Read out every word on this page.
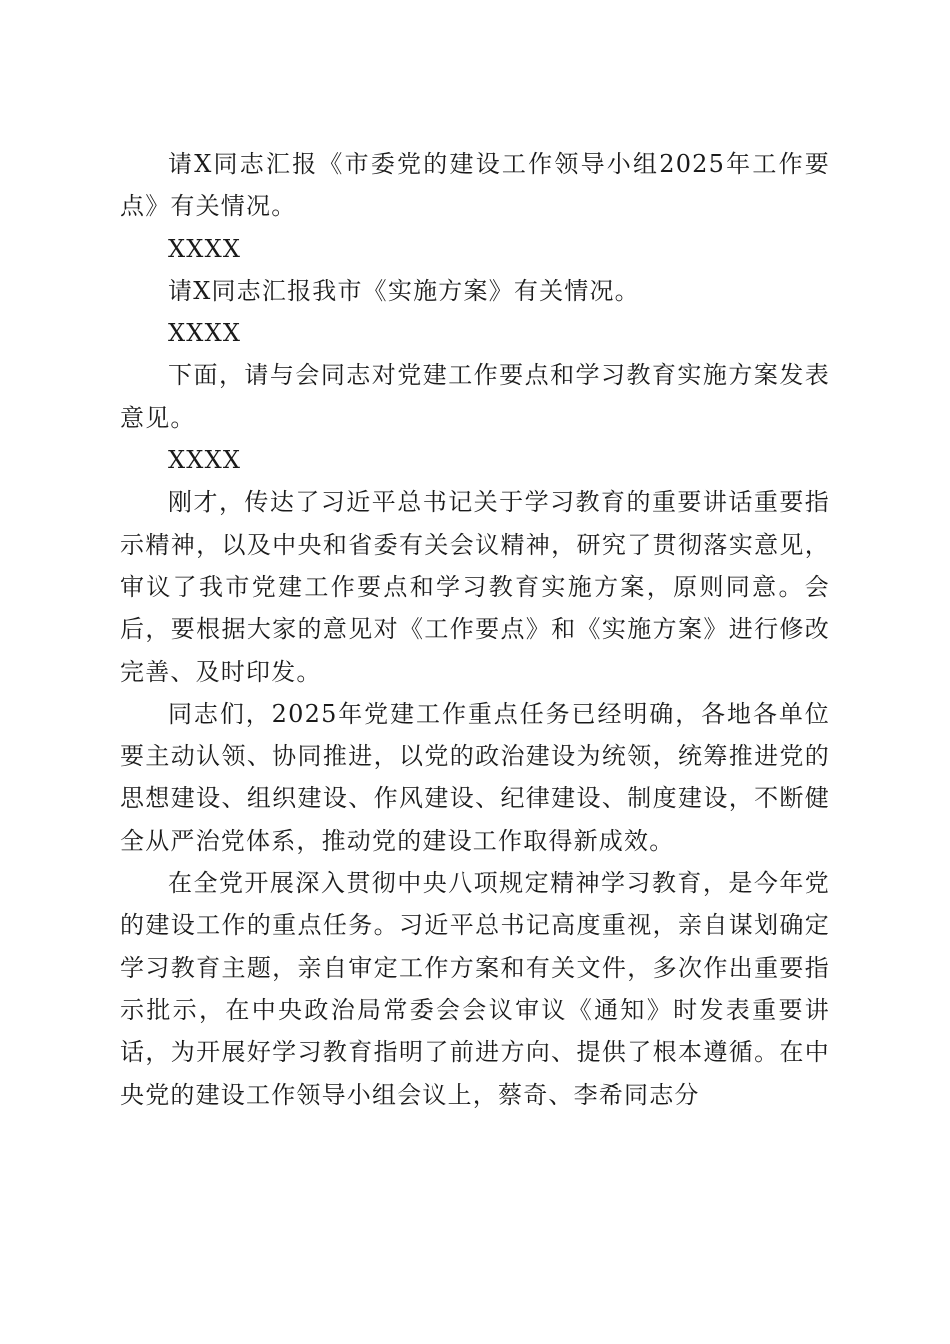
请X同志汇报《市委党的建设工作领导小组2025年工作要点》有关情况。

XXXX

请X同志汇报我市《实施方案》有关情况。

XXXX

下面，请与会同志对党建工作要点和学习教育实施方案发表意见。

XXXX

刚才，传达了习近平总书记关于学习教育的重要讲话重要指示精神，以及中央和省委有关会议精神，研究了贯彻落实意见，审议了我市党建工作要点和学习教育实施方案，原则同意。会后，要根据大家的意见对《工作要点》和《实施方案》进行修改完善、及时印发。

同志们，2025年党建工作重点任务已经明确，各地各单位要主动认领、协同推进，以党的政治建设为统领，统筹推进党的思想建设、组织建设、作风建设、纪律建设、制度建设，不断健全从严治党体系，推动党的建设工作取得新成效。

在全党开展深入贯彻中央八项规定精神学习教育，是今年党的建设工作的重点任务。习近平总书记高度重视，亲自谋划确定学习教育主题，亲自审定工作方案和有关文件，多次作出重要指示批示，在中央政治局常委会会议审议《通知》时发表重要讲话，为开展好学习教育指明了前进方向、提供了根本遵循。在中央党的建设工作领导小组会议上，蔡奇、李希同志分
